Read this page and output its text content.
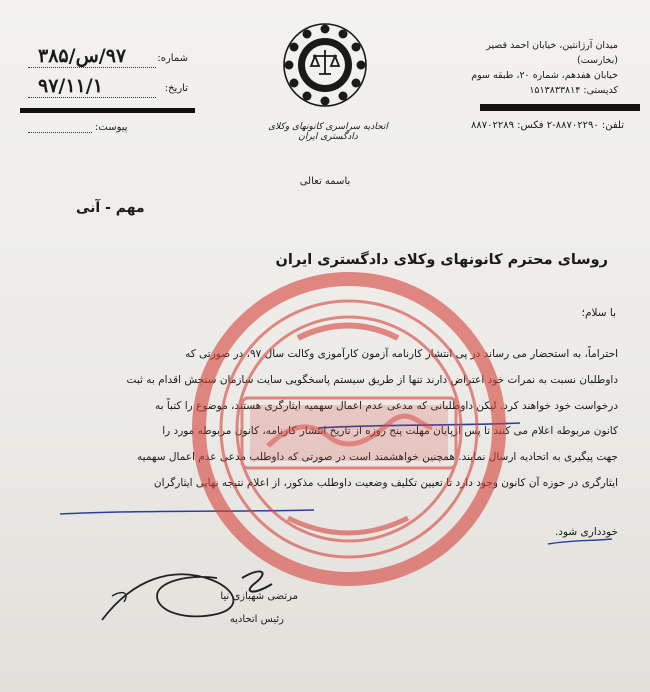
شماره:
۹۷/س/۳۸۵
تاریخ:
۹۷/۱۱/۱
پیوست:	اتحادیه سراسری کانونهای وکلای دادگستری ایران
میدان آرژانتین، خیابان احمد قصیر (بخارست)
خیابان هفدهم، شماره ۲۰، طبقه سوم
کدپستی: ۱۵۱۳۸۳۳۸۱۴
تلفن: ۸۸۷۰۲۲۹۰-۲ فکس: ۸۸۷۰۲۲۸۹
باسمه تعالی
مهم - آنی
روسای محترم کانونهای وکلای دادگستری ایران
با سلام؛

احتراماً، به استحضار می رساند در پی انتشار کارنامه آزمون کارآموزی وکالت سال ۹۷، در صورتی که

داوطلبان نسبت به نمرات خود اعتراض دارند تنها از طریق سیستم پاسخگویی سایت سازمان سنجش اقدام به ثبت

درخواست خود خواهند کرد. لیکن داوطلبانی که مدعی عدم اعمال سهمیه ایثارگری هستند، موضوع را کتباً به

کانون مربوطه اعلام می کنند تا پس ازپایان مهلت پنج روزه از تاریخ انتشار کارنامه، کانون مربوطه مورد را

جهت پیگیری به اتحادیه ارسال نمایند. همچنین خواهشمند است در صورتی که داوطلب مدعی عدم اعمال سهمیه

ایثارگری در حوزه آن کانون وجود دارد تا تعیین تکلیف وضعیت داوطلب مذکور، از اعلام نتیجه نهایی ایثارگران

خودداری شود.
مرتضی شهبازی نیا
رئیس اتحادیه
